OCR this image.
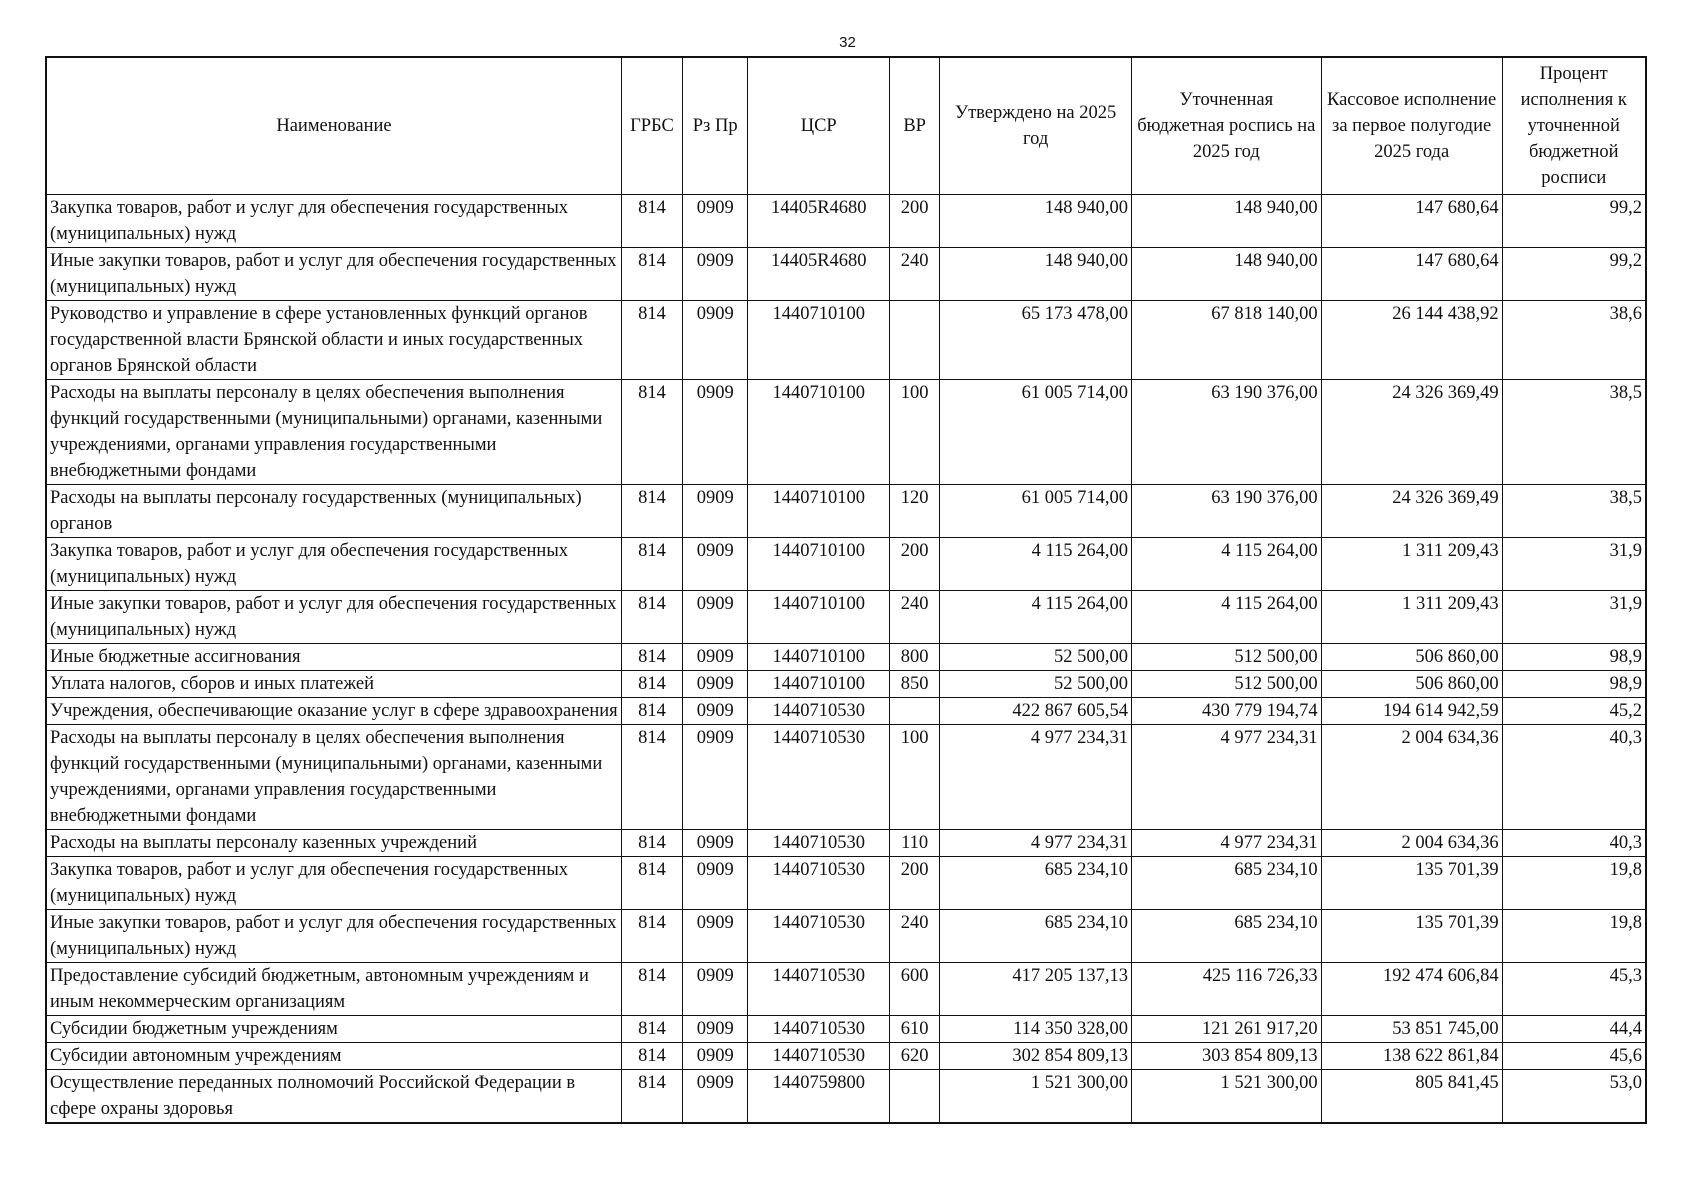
32
Наименование	ГРБС	Рз Пр	ЦСР	ВР	Утверждено на 2025 год	Уточненная бюджетная роспись на 2025 год	Кассовое исполнение за первое полугодие 2025 года	Процент исполнения к уточненной бюджетной росписи
Закупка товаров, работ и услуг для обеспечения государственных (муниципальных) нужд	814	0909	14405R4680	200	148 940,00	148 940,00	147 680,64	99,2
Иные закупки товаров, работ и услуг для обеспечения государственных (муниципальных) нужд	814	0909	14405R4680	240	148 940,00	148 940,00	147 680,64	99,2
Руководство и управление в сфере установленных функций органов государственной власти Брянской области и иных государственных органов Брянской области	814	0909	1440710100		65 173 478,00	67 818 140,00	26 144 438,92	38,6
Расходы на выплаты персоналу в целях обеспечения выполнения функций государственными (муниципальными) органами, казенными учреждениями, органами управления государственными внебюджетными фондами	814	0909	1440710100	100	61 005 714,00	63 190 376,00	24 326 369,49	38,5
Расходы на выплаты персоналу государственных (муниципальных) органов	814	0909	1440710100	120	61 005 714,00	63 190 376,00	24 326 369,49	38,5
Закупка товаров, работ и услуг для обеспечения государственных (муниципальных) нужд	814	0909	1440710100	200	4 115 264,00	4 115 264,00	1 311 209,43	31,9
Иные закупки товаров, работ и услуг для обеспечения государственных (муниципальных) нужд	814	0909	1440710100	240	4 115 264,00	4 115 264,00	1 311 209,43	31,9
Иные бюджетные ассигнования	814	0909	1440710100	800	52 500,00	512 500,00	506 860,00	98,9
Уплата налогов, сборов и иных платежей	814	0909	1440710100	850	52 500,00	512 500,00	506 860,00	98,9
Учреждения, обеспечивающие оказание услуг в сфере здравоохранения	814	0909	1440710530		422 867 605,54	430 779 194,74	194 614 942,59	45,2
Расходы на выплаты персоналу в целях обеспечения выполнения функций государственными (муниципальными) органами, казенными учреждениями, органами управления государственными внебюджетными фондами	814	0909	1440710530	100	4 977 234,31	4 977 234,31	2 004 634,36	40,3
Расходы на выплаты персоналу казенных учреждений	814	0909	1440710530	110	4 977 234,31	4 977 234,31	2 004 634,36	40,3
Закупка товаров, работ и услуг для обеспечения государственных (муниципальных) нужд	814	0909	1440710530	200	685 234,10	685 234,10	135 701,39	19,8
Иные закупки товаров, работ и услуг для обеспечения государственных (муниципальных) нужд	814	0909	1440710530	240	685 234,10	685 234,10	135 701,39	19,8
Предоставление субсидий бюджетным, автономным учреждениям и иным некоммерческим организациям	814	0909	1440710530	600	417 205 137,13	425 116 726,33	192 474 606,84	45,3
Субсидии бюджетным учреждениям	814	0909	1440710530	610	114 350 328,00	121 261 917,20	53 851 745,00	44,4
Субсидии автономным учреждениям	814	0909	1440710530	620	302 854 809,13	303 854 809,13	138 622 861,84	45,6
Осуществление переданных полномочий Российской Федерации в сфере охраны здоровья	814	0909	1440759800		1 521 300,00	1 521 300,00	805 841,45	53,0
